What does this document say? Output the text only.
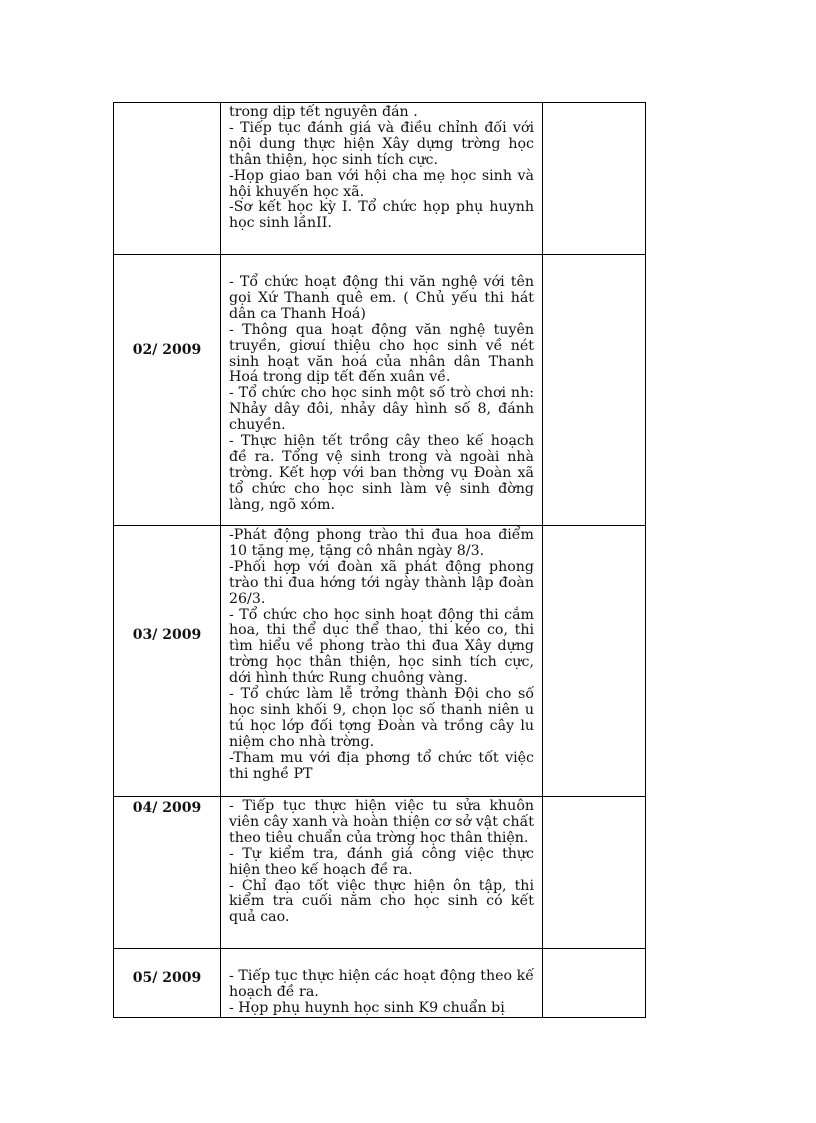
	trong dịp tết nguyên đán .
- Tiếp tục đánh giá và điều chỉnh đối với nội dung thực hiện Xây dựng trờng học thân thiện, học sinh tích cực.
-Họp giao ban với hội cha mẹ học sinh và hội khuyến học xã.
-Sơ kết học kỳ I. Tổ chức họp phụ huynh học sinh lầnII.	

02/ 2009	- Tổ chức hoạt động thi văn nghệ với tên gọi Xứ Thanh quê em. ( Chủ yếu thi hát dân ca Thanh Hoá)
- Thông qua hoạt động văn nghệ tuyên truyền, giơuí thiệu cho học sinh về nét sinh hoạt văn hoá của nhân dân Thanh Hoá trong dịp tết đến xuân về.
- Tổ chức cho học sinh một số trò chơi nh: Nhảy dây đôi, nhảy dây hình số 8, đánh chuyền.
- Thực hiện tết trồng cây theo kế hoạch đề ra. Tổng vệ sinh trong và ngoài nhà trờng. Kết hợp với ban thờng vụ Đoàn xã tổ chức cho học sinh làm vệ sinh đờng làng, ngõ xóm.	

03/ 2009	-Phát động phong trào thi đua hoa điểm 10 tặng mẹ, tặng cô nhân ngày 8/3.
-Phối hợp với đoàn xã phát động phong trào thi đua hớng tới ngày thành lập đoàn 26/3.
- Tổ chức cho học sinh hoạt động thi cắm hoa, thi thể dục thể thao, thi kéo co, thi tìm hiểu về phong trào thi đua Xây dựng trờng học thân thiện, học sinh tích cực, dới hình thức Rung chuông vàng.
- Tổ chức làm lễ trởng thành Đội cho số học sinh khối 9, chọn lọc số thanh niên u tú học lớp đối tợng Đoàn và trồng cây lu niệm cho nhà trờng.
-Tham mu với địa phơng tổ chức tốt việc thi nghề PT	

04/ 2009	- Tiếp tục thực hiện việc tu sửa khuôn viên cây xanh và hoàn thiện cơ sở vật chất theo tiêu chuẩn của trờng học thân thiện.
- Tự kiểm tra, đánh giá công việc thực hiện theo kế hoạch đề ra.
- Chỉ đạo tốt việc thực hiện ôn tập, thi kiểm tra cuối năm cho học sinh có kết quả cao.	

05/ 2009	- Tiếp tục thực hiện các hoạt động theo kế hoạch đề ra.
- Họp phụ huynh học sinh K9 chuẩn bị	
